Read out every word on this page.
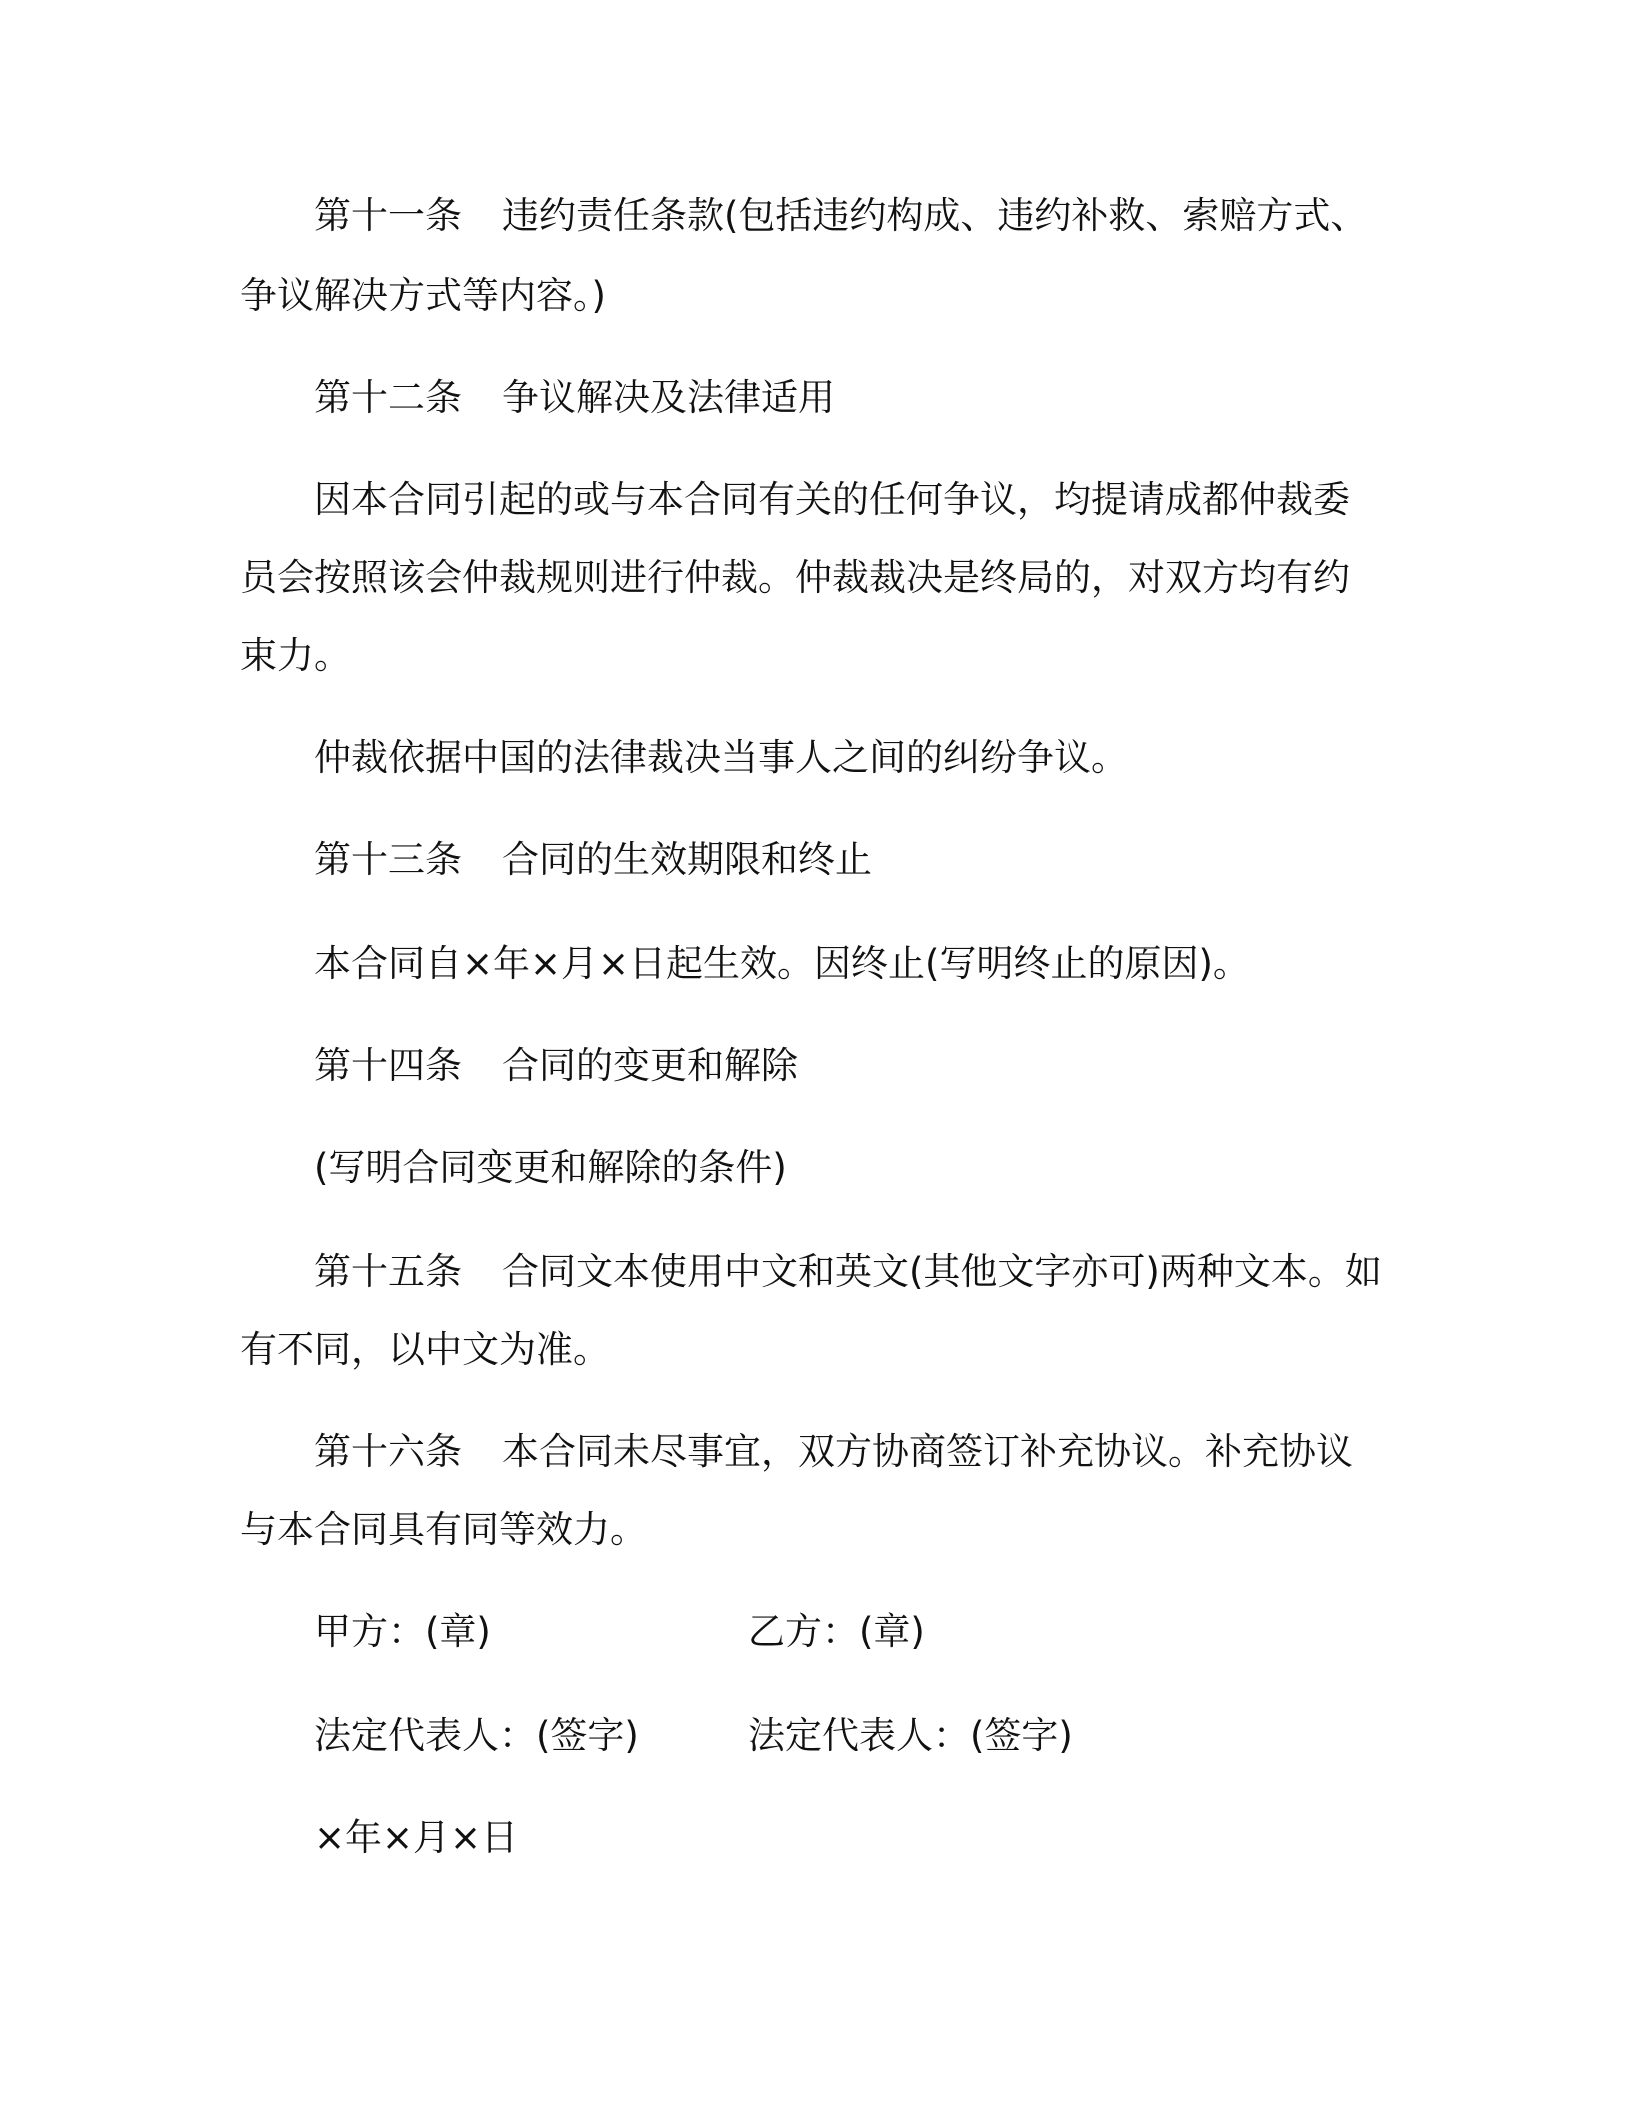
第十一条 违约责任条款(包括违约构成、违约补救、索赔方式、
争议解决方式等内容。)
第十二条 争议解决及法律适用
因本合同引起的或与本合同有关的任何争议，均提请成都仲裁委
员会按照该会仲裁规则进行仲裁。仲裁裁决是终局的，对双方均有约
束力。
仲裁依据中国的法律裁决当事人之间的纠纷争议。
第十三条 合同的生效期限和终止
本合同自×年×月×日起生效。因终止(写明终止的原因)。
第十四条 合同的变更和解除
(写明合同变更和解除的条件)
第十五条 合同文本使用中文和英文(其他文字亦可)两种文本。如
有不同，以中文为准。
第十六条 本合同未尽事宜，双方协商签订补充协议。补充协议
与本合同具有同等效力。
甲方：(章)	乙方：(章)
法定代表人：(签字)	法定代表人：(签字)
×年×月×日
